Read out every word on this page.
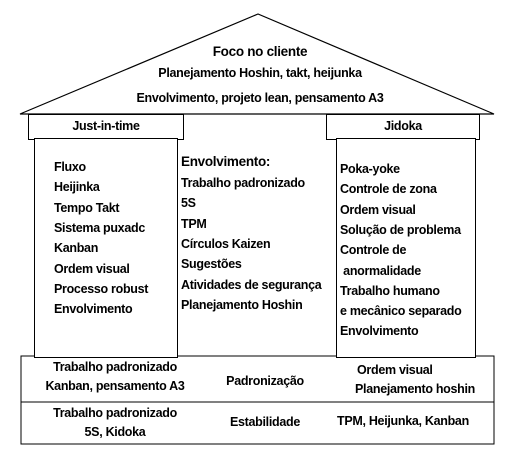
Foco no cliente
Planejamento Hoshin, takt, heijunka
Envolvimento, projeto lean, pensamento A3
Just-in-time
Fluxo
Heijinka
Tempo Takt
Sistema puxadc
Kanban
Ordem visual
Processo robust
Envolvimento
Envolvimento:
Trabalho padronizado
5S
TPM
Círculos Kaizen
Sugestões
Atividades de segurança
Planejamento Hoshin
Jidoka
Poka-yoke
Controle de zona
Ordem visual
Solução de problema
Controle de
anormalidade
Trabalho humano
e mecânico separado
Envolvimento
Trabalho padronizado
Kanban, pensamento A3	Padronização
Ordem visual
Planejamento hoshin
Trabalho padronizado
5S, Kidoka
Estabilidade	TPM, Heijunka, Kanban
